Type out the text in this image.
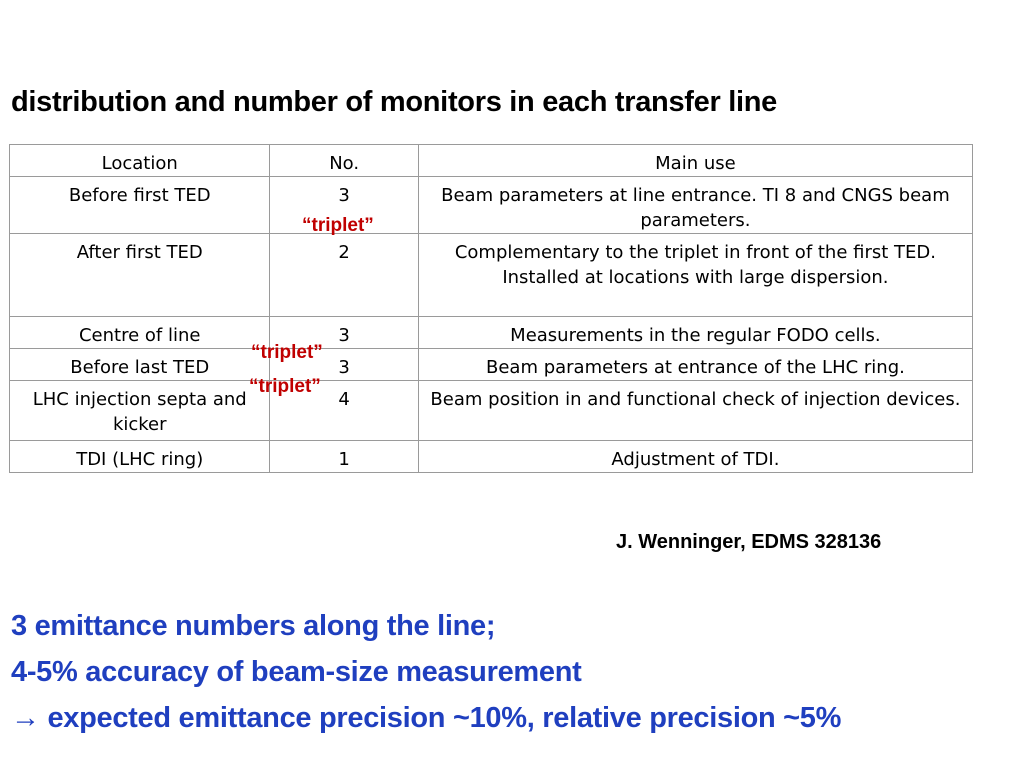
distribution and number of monitors in each transfer line
Location	No.	Main use
Before first TED	3	Beam parameters at line entrance. TI 8 and CNGS beam parameters.
After first TED	2	Complementary to the triplet in front of the first TED. Installed at locations with large dispersion.
Centre of line	3	Measurements in the regular FODO cells.
Before last TED	3	Beam parameters at entrance of the LHC ring.
LHC injection septa and kicker	4	Beam position in and functional check of injection devices.
TDI (LHC ring)	1	Adjustment of TDI.
“triplet”
“triplet”
“triplet”
J. Wenninger, EDMS 328136
3 emittance numbers along the line;
4-5% accuracy of beam-size measurement
→ expected emittance precision ~10%, relative precision ~5%
